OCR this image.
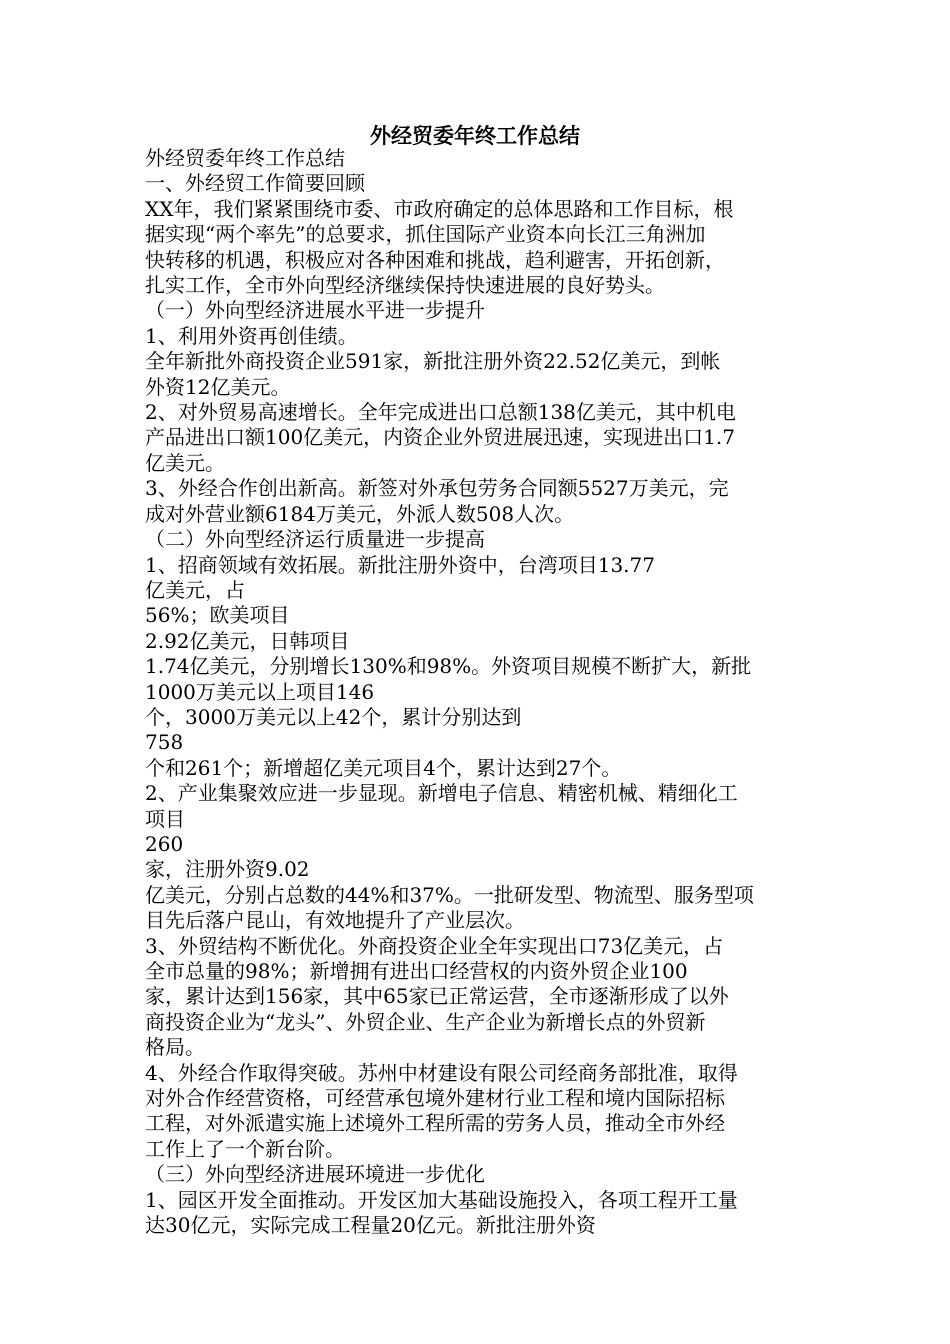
外经贸委年终工作总结
外经贸委年终工作总结
一、外经贸工作简要回顾
XX年，我们紧紧围绕市委、市政府确定的总体思路和工作目标，根
据实现“两个率先”的总要求，抓住国际产业资本向长江三角洲加
快转移的机遇，积极应对各种困难和挑战，趋利避害，开拓创新，
扎实工作，全市外向型经济继续保持快速进展的良好势头。
（一）外向型经济进展水平进一步提升
1、利用外资再创佳绩。
全年新批外商投资企业591家，新批注册外资22.52亿美元，到帐
外资12亿美元。
2、对外贸易高速增长。全年完成进出口总额138亿美元，其中机电
产品进出口额100亿美元，内资企业外贸进展迅速，实现进出口1.7
亿美元。
3、外经合作创出新高。新签对外承包劳务合同额5527万美元，完
成对外营业额6184万美元，外派人数508人次。
（二）外向型经济运行质量进一步提高
1、招商领域有效拓展。新批注册外资中，台湾项目13.77
亿美元，占
56%；欧美项目
2.92亿美元，日韩项目
1.74亿美元，分别增长130%和98%。外资项目规模不断扩大，新批
1000万美元以上项目146
个，3000万美元以上42个，累计分别达到
758
个和261个；新增超亿美元项目4个，累计达到27个。
2、产业集聚效应进一步显现。新增电子信息、精密机械、精细化工
项目
260
家，注册外资9.02
亿美元，分别占总数的44%和37%。一批研发型、物流型、服务型项
目先后落户昆山，有效地提升了产业层次。
3、外贸结构不断优化。外商投资企业全年实现出口73亿美元，占
全市总量的98%；新增拥有进出口经营权的内资外贸企业100
家，累计达到156家，其中65家已正常运营，全市逐渐形成了以外
商投资企业为“龙头”、外贸企业、生产企业为新增长点的外贸新
格局。
4、外经合作取得突破。苏州中材建设有限公司经商务部批准，取得
对外合作经营资格，可经营承包境外建材行业工程和境内国际招标
工程，对外派遣实施上述境外工程所需的劳务人员，推动全市外经
工作上了一个新台阶。
（三）外向型经济进展环境进一步优化
1、园区开发全面推动。开发区加大基础设施投入，各项工程开工量
达30亿元，实际完成工程量20亿元。新批注册外资
